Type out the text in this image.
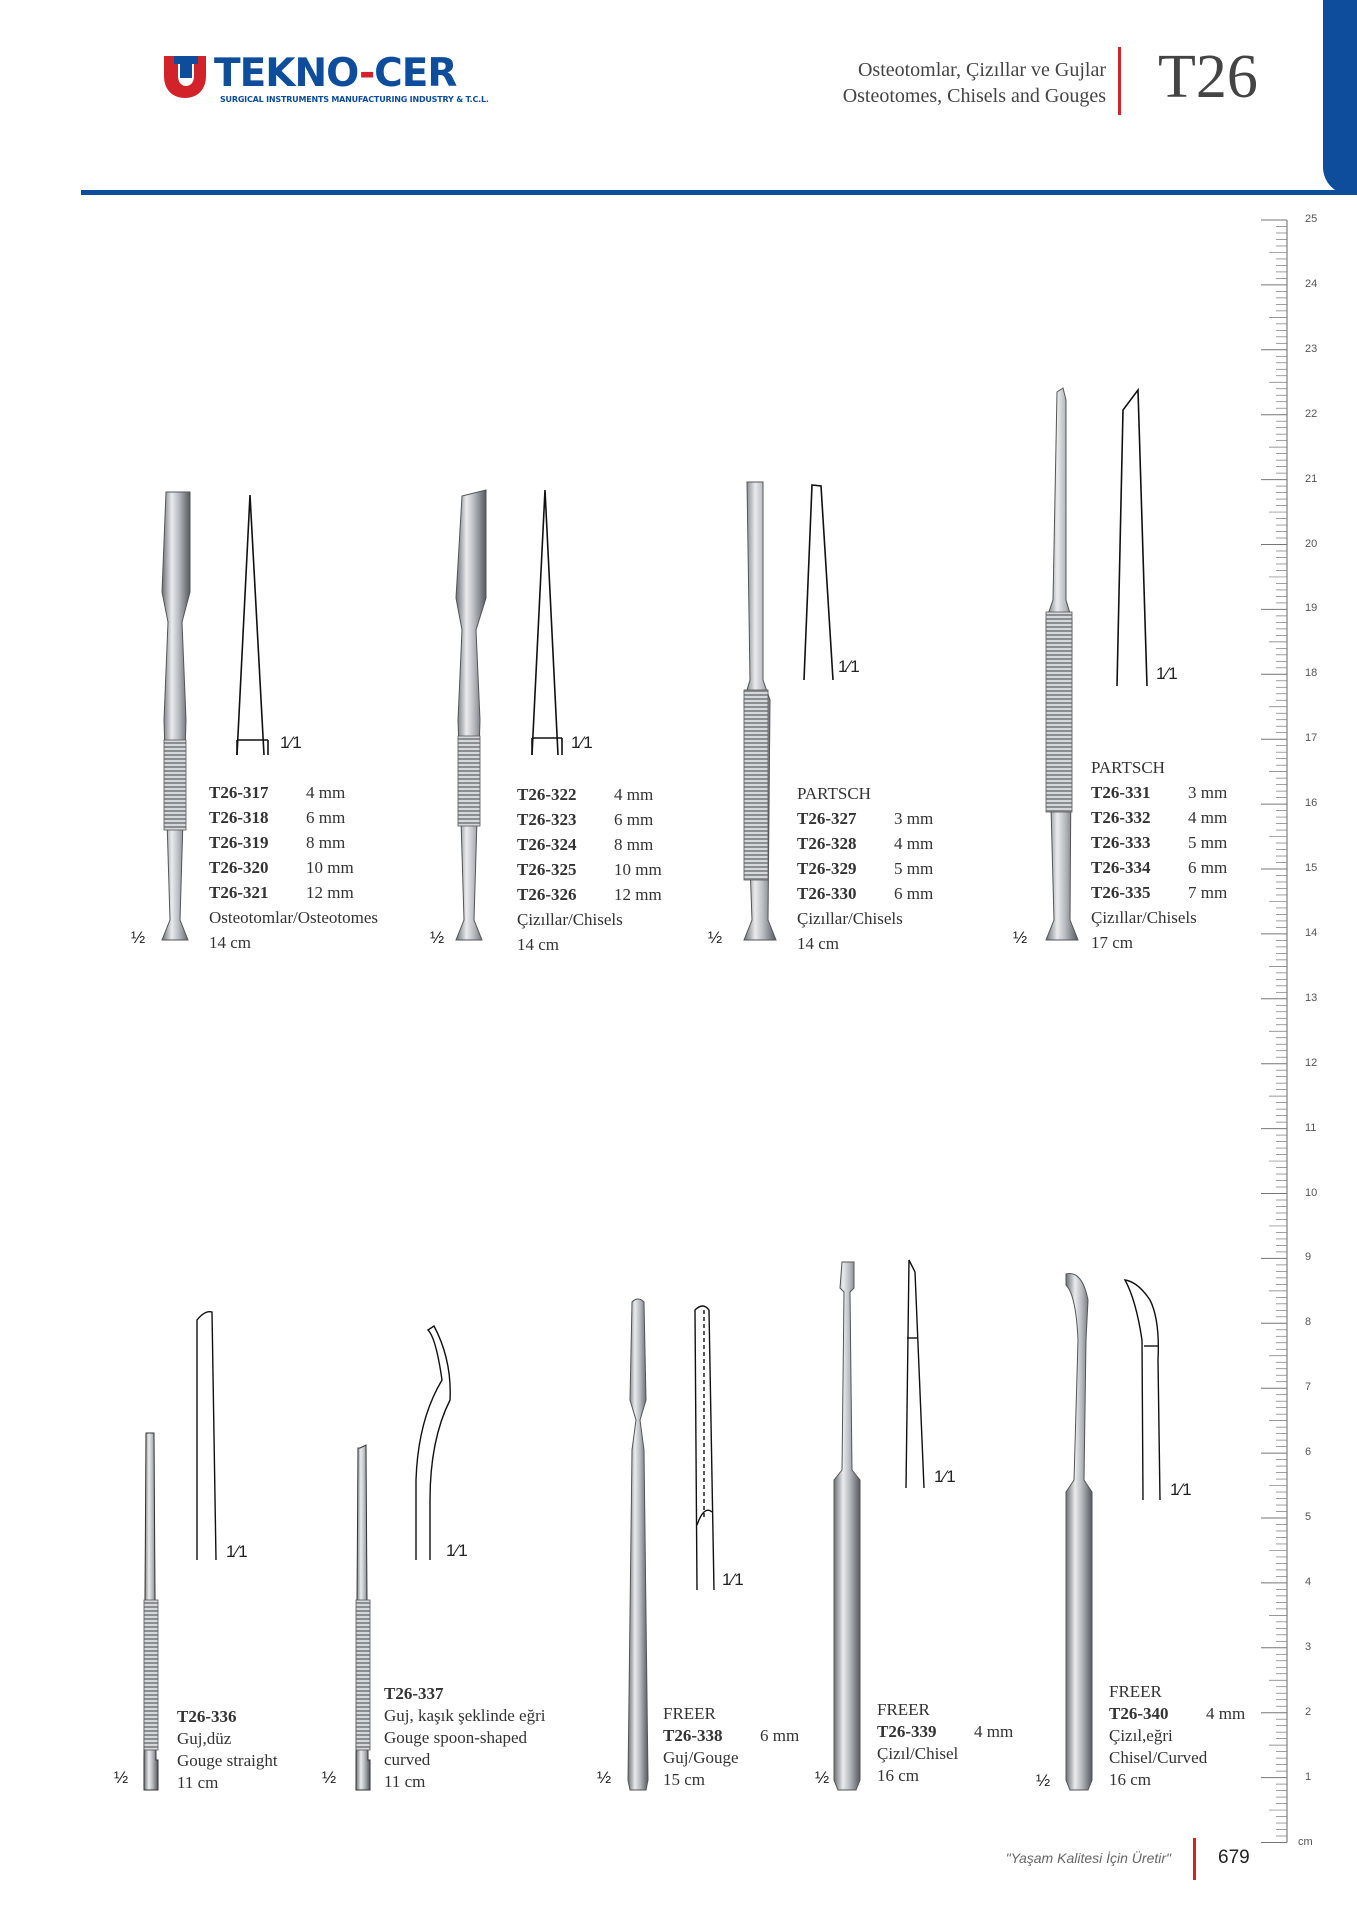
TEKNO-CER
SURGICAL INSTRUMENTS MANUFACTURING INDUSTRY & T.C.L.
Osteotomlar, Çizıllar ve Gujlar
Osteotomes, Chisels and Gouges T26
½
1⁄1
½
1⁄1
½
1⁄1
½
1⁄1
½
1⁄1
½
1⁄1
½
1⁄1
½
1⁄1
½
1⁄1
T26-317 4 mm
T26-318 6 mm
T26-319 8 mm
T26-320 10 mm
T26-321 12 mm
Osteotomlar/Osteotomes
14 cm
T26-322 4 mm
T26-323 6 mm
T26-324 8 mm
T26-325 10 mm
T26-326 12 mm
Çizıllar/Chisels
14 cm
PARTSCH
T26-327 3 mm
T26-328 4 mm
T26-329 5 mm
T26-330 6 mm
Çizıllar/Chisels
14 cm
PARTSCH
T26-331 3 mm
T26-332 4 mm
T26-333 5 mm
T26-334 6 mm
T26-335 7 mm
Çizıllar/Chisels
17 cm
T26-336
Guj,düz
Gouge straight
11 cm
T26-337
Guj, kaşık şeklinde eğri
Gouge spoon-shaped
curved
11 cm
FREER
T26-338 6 mm
Guj/Gouge
15 cm
FREER
T26-339 4 mm
Çizıl/Chisel
16 cm
FREER
T26-340 4 mm
Çizıl,eğri
Chisel/Curved
16 cm
25
24
23
22
21
20
19
18
17
16
15
14
13
12
11
10
9
8
7
6
5
4
3
2
1
cm
"Yaşam Kalitesi İçin Üretir" 679
